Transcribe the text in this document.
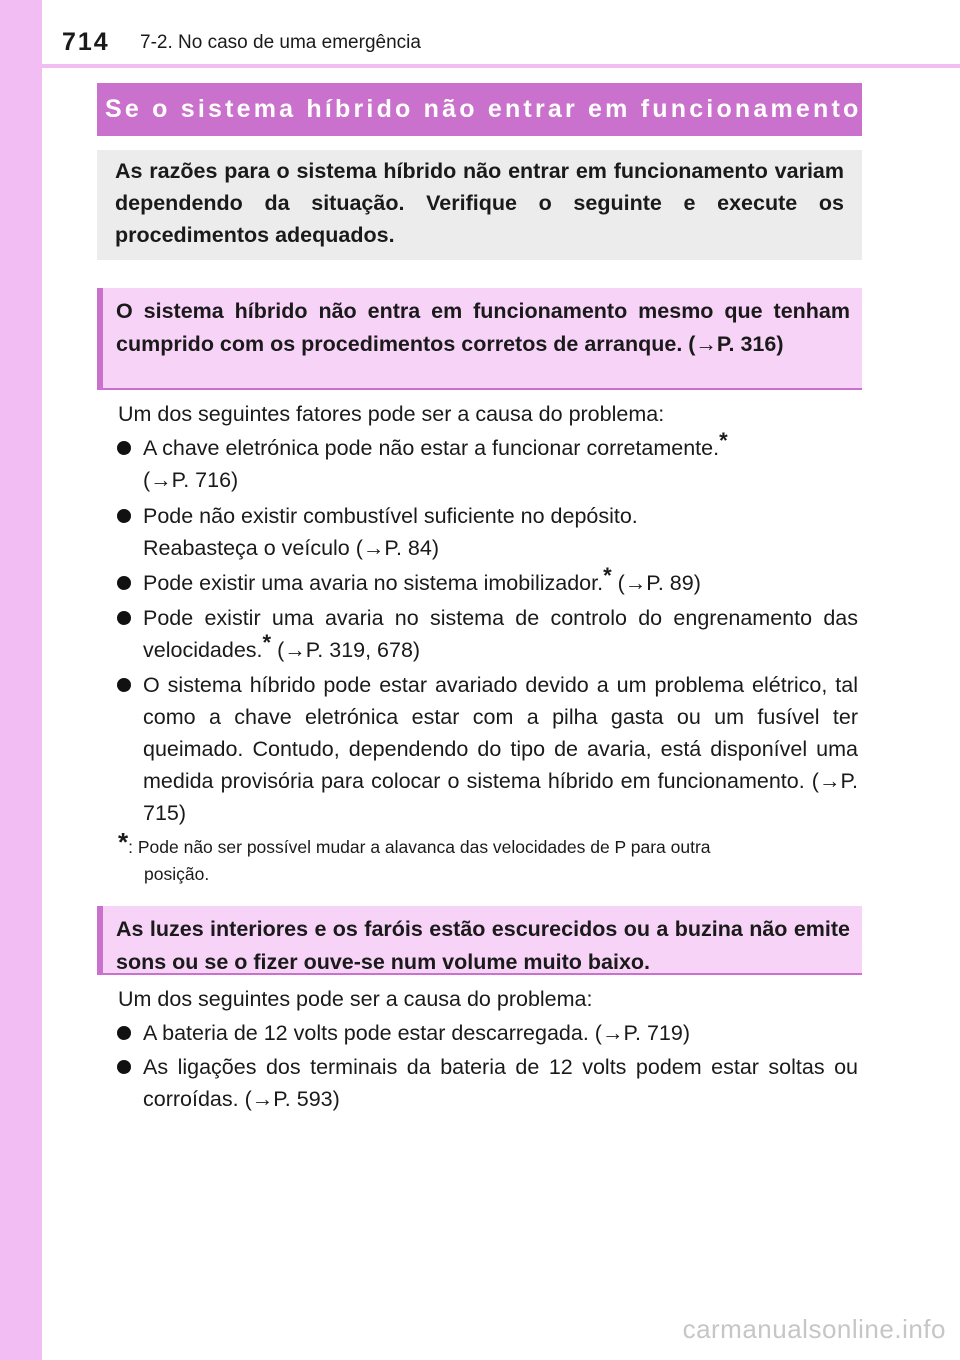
714 7-2. No caso de uma emergência
Se o sistema híbrido não entrar em funcionamento
As razões para o sistema híbrido não entrar em funcionamento variam dependendo da situação. Verifique o seguinte e execute os procedimentos adequados.
O sistema híbrido não entra em funcionamento mesmo que tenham cumprido com os procedimentos corretos de arranque. (→P. 316)

Um dos seguintes fatores pode ser a causa do problema:

A chave eletrónica pode não estar a funcionar corretamente.*
(→P. 716)
Pode não existir combustível suficiente no depósito.
Reabasteça o veículo (→P. 84)
Pode existir uma avaria no sistema imobilizador.* (→P. 89)
Pode existir uma avaria no sistema de controlo do engrenamento das velocidades.* (→P. 319, 678)
O sistema híbrido pode estar avariado devido a um problema elétrico, tal como a chave eletrónica estar com a pilha gasta ou um fusível ter queimado. Contudo, dependendo do tipo de avaria, está disponível uma medida provisória para colocar o sistema híbrido em funcionamento. (→P. 715)
*: Pode não ser possível mudar a alavanca das velocidades de P para outra
posição.
As luzes interiores e os faróis estão escurecidos ou a buzina não emite sons ou se o fizer ouve-se num volume muito baixo.

Um dos seguintes pode ser a causa do problema:

A bateria de 12 volts pode estar descarregada. (→P. 719)
As ligações dos terminais da bateria de 12 volts podem estar soltas ou corroídas. (→P. 593)
carmanualsonline.info
